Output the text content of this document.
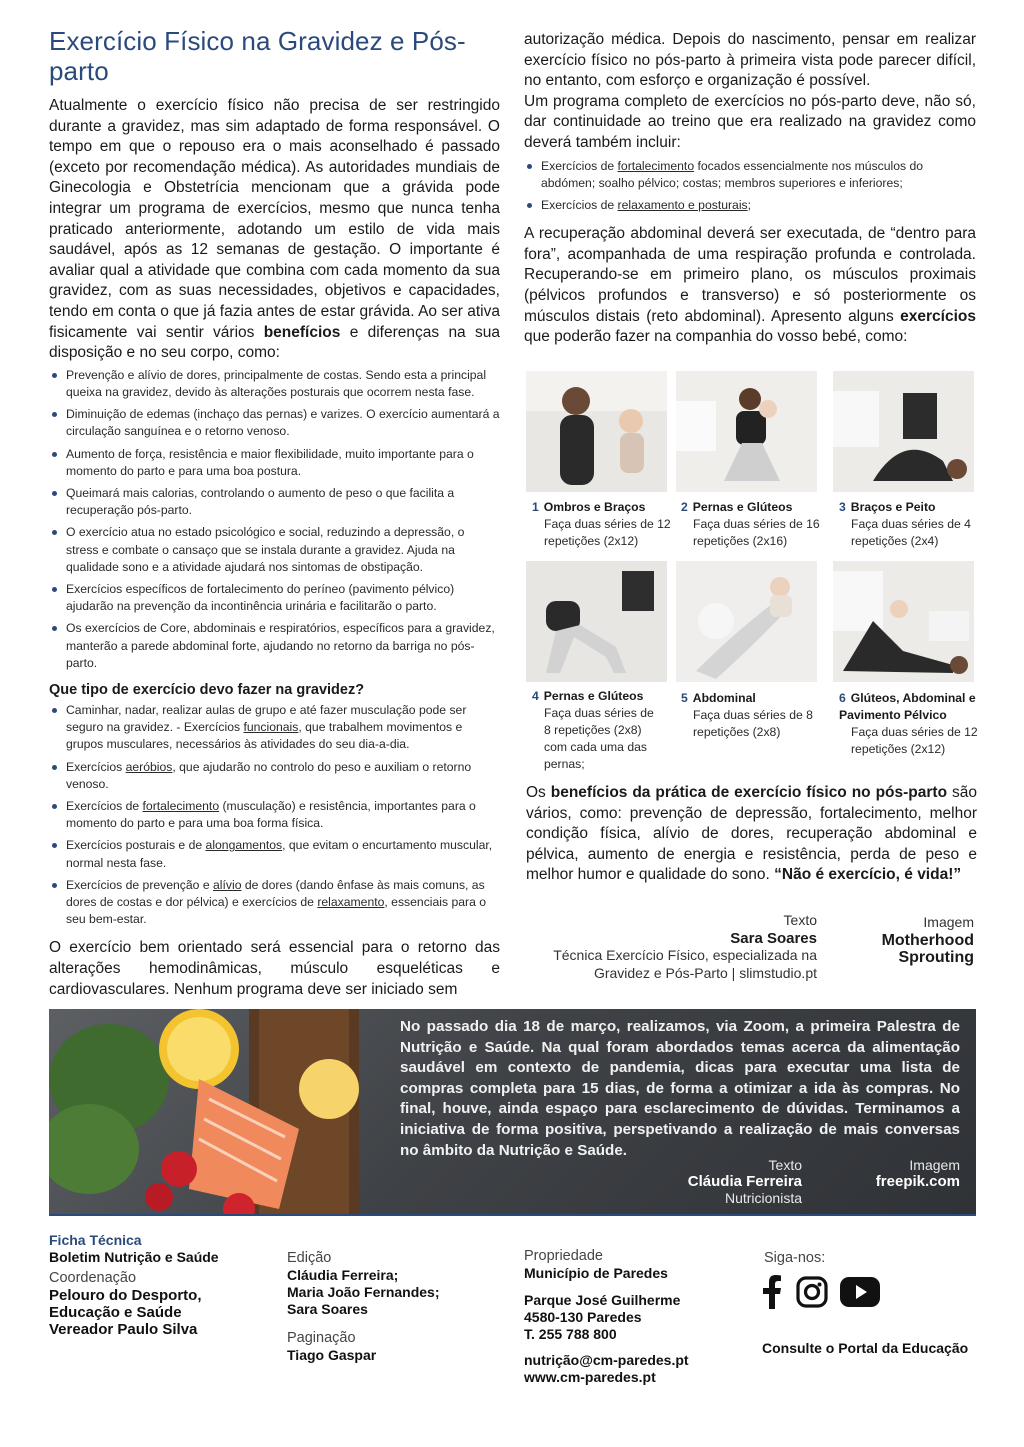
Exercício Físico na Gravidez e Pós-parto

Atualmente o exercício físico não precisa de ser restringido durante a gravidez, mas sim adaptado de forma responsável. O tempo em que o repouso era o mais aconselhado é passado (exceto por recomendação médica). As autoridades mundiais de Ginecologia e Obstetrícia mencionam que a grávida pode integrar um programa de exercícios, mesmo que nunca tenha praticado anteriormente, adotando um estilo de vida mais saudável, após as 12 semanas de gestação. O importante é avaliar qual a atividade que combina com cada momento da sua gravidez, com as suas necessidades, objetivos e capacidades, tendo em conta o que já fazia antes de estar grávida. Ao ser ativa fisicamente vai sentir vários benefícios e diferenças na sua disposição e no seu corpo, como:

Prevenção e alívio de dores, principalmente de costas. Sendo esta a principal queixa na gravidez, devido às alterações posturais que ocorrem nesta fase.
Diminuição de edemas (inchaço das pernas) e varizes. O exercício aumentará a circulação sanguínea e o retorno venoso.
Aumento de força, resistência e maior flexibilidade, muito importante para o momento do parto e para uma boa postura.
Queimará mais calorias, controlando o aumento de peso o que facilita a recuperação pós-parto.
O exercício atua no estado psicológico e social, reduzindo a depressão, o stress e combate o cansaço que se instala durante a gravidez. Ajuda na qualidade sono e a atividade ajudará nos sintomas de obstipação.
Exercícios específicos de fortalecimento do períneo (pavimento pélvico) ajudarão na prevenção da incontinência urinária e facilitarão o parto.
Os exercícios de Core, abdominais e respiratórios, específicos para a gravidez, manterão a parede abdominal forte, ajudando no retorno da barriga no pós-parto.
Que tipo de exercício devo fazer na gravidez?
Caminhar, nadar, realizar aulas de grupo e até fazer musculação pode ser seguro na gravidez. - Exercícios funcionais, que trabalhem movimentos e grupos musculares, necessários às atividades do seu dia-a-dia.
Exercícios aeróbios, que ajudarão no controlo do peso e auxiliam o retorno venoso.
Exercícios de fortalecimento (musculação) e resistência, importantes para o momento do parto e para uma boa forma física.
Exercícios posturais e de alongamentos, que evitam o encurtamento muscular, normal nesta fase.
Exercícios de prevenção e alívio de dores (dando ênfase às mais comuns, as dores de costas e dor pélvica) e exercícios de relaxamento, essenciais para o seu bem-estar.

O exercício bem orientado será essencial para o retorno das alterações hemodinâmicas, músculo esqueléticas e cardiovasculares. Nenhum programa deve ser iniciado sem

autorização médica. Depois do nascimento, pensar em realizar exercício físico no pós-parto à primeira vista pode parecer difícil, no entanto, com esforço e organização é possível.

Um programa completo de exercícios no pós-parto deve, não só, dar continuidade ao treino que era realizado na gravidez como deverá também incluir:

Exercícios de fortalecimento focados essencialmente nos músculos do abdómen; soalho pélvico; costas; membros superiores e inferiores;
Exercícios de relaxamento e posturais;

A recuperação abdominal deverá ser executada, de “dentro para fora”, acompanhada de uma respiração profunda e controlada. Recuperando-se em primeiro plano, os músculos proximais (pélvicos profundos e transverso) e só posteriormente os músculos distais (reto abdominal). Apresento alguns exercícios que poderão fazer na companhia do vosso bebé, como:

1 Ombros e Braços
Faça duas séries de 12 repetições (2x12)
2 Pernas e Glúteos
Faça duas séries de 16 repetições (2x16)
3 Braços e Peito
Faça duas séries de 4 repetições (2x4)
4 Pernas e Glúteos
Faça duas séries de 8 repetições (2x8) com cada uma das pernas;
5 Abdominal
Faça duas séries de 8 repetições (2x8)
6 Glúteos, Abdominal e Pavimento Pélvico
Faça duas séries de 12 repetições (2x12)

Os benefícios da prática de exercício físico no pós-parto são vários, como: prevenção de depressão, fortalecimento, melhor condição física, alívio de dores, recuperação abdominal e pélvica, aumento de energia e resistência, perda de peso e melhor humor e qualidade do sono. “Não é exercício, é vida!”

Texto
Sara Soares
Técnica Exercício Físico, especializada na
Gravidez e Pós-Parto | slimstudio.pt
Imagem
Motherhood
Sprouting
No passado dia 18 de março, realizamos, via Zoom, a primeira Palestra de Nutrição e Saúde. Na qual foram abordados temas acerca da alimentação saudável em contexto de pandemia, dicas para executar uma lista de compras completa para 15 dias, de forma a otimizar a ida às compras. No final, houve, ainda espaço para esclarecimento de dúvidas. Terminamos a iniciativa de forma positiva, perspetivando a realização de mais conversas no âmbito da Nutrição e Saúde.
Texto
Cláudia Ferreira
Nutricionista
Imagem
freepik.com
Ficha Técnica
Boletim Nutrição e Saúde
Coordenação
Pelouro do Desporto,
Educação e Saúde
Vereador Paulo Silva
Edição
Cláudia Ferreira;
Maria João Fernandes;
Sara Soares
Paginação
Tiago Gaspar
Propriedade
Município de Paredes
Parque José Guilherme
4580-130 Paredes
T. 255 788 800
nutrição@cm-paredes.pt
www.cm-paredes.pt
Siga-nos:
Consulte o Portal da Educação
